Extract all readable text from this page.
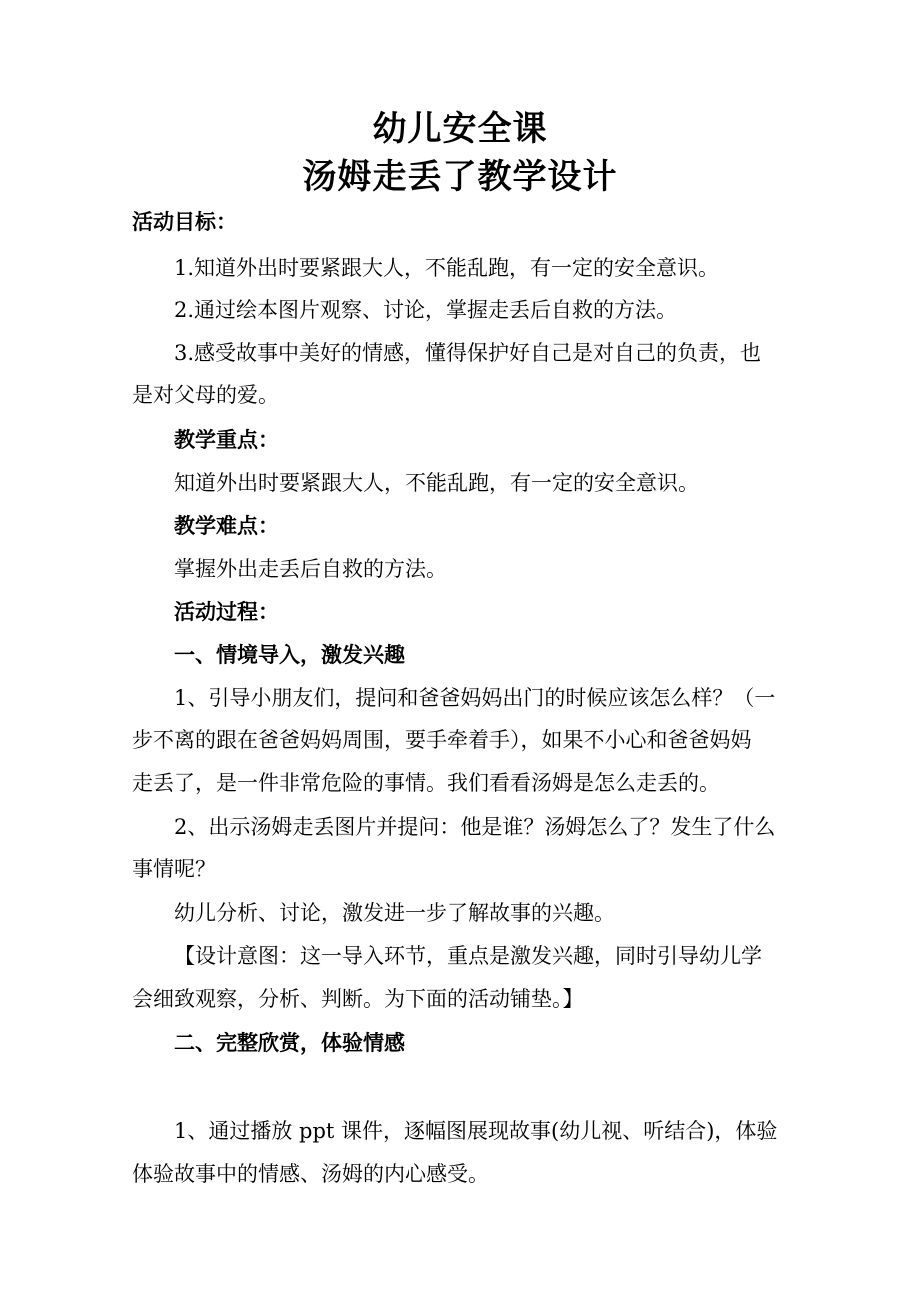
幼儿安全课
汤姆走丢了教学设计
活动目标：
1.知道外出时要紧跟大人，不能乱跑，有一定的安全意识。
2.通过绘本图片观察、讨论，掌握走丢后自救的方法。
3.感受故事中美好的情感，懂得保护好自己是对自己的负责，也
是对父母的爱。
教学重点：
知道外出时要紧跟大人，不能乱跑，有一定的安全意识。
教学难点：
掌握外出走丢后自救的方法。
活动过程：
一、情境导入，激发兴趣
1、引导小朋友们，提问和爸爸妈妈出门的时候应该怎么样？（一
步不离的跟在爸爸妈妈周围，要手牵着手），如果不小心和爸爸妈妈
走丢了，是一件非常危险的事情。我们看看汤姆是怎么走丢的。
2、出示汤姆走丢图片并提问：他是谁？汤姆怎么了？发生了什么
事情呢？
幼儿分析、讨论，激发进一步了解故事的兴趣。
【设计意图：这一导入环节，重点是激发兴趣，同时引导幼儿学
会细致观察，分析、判断。为下面的活动铺垫。】
二、完整欣赏，体验情感
1、通过播放 ppt 课件，逐幅图展现故事(幼儿视、听结合)，体验
体验故事中的情感、汤姆的内心感受。
